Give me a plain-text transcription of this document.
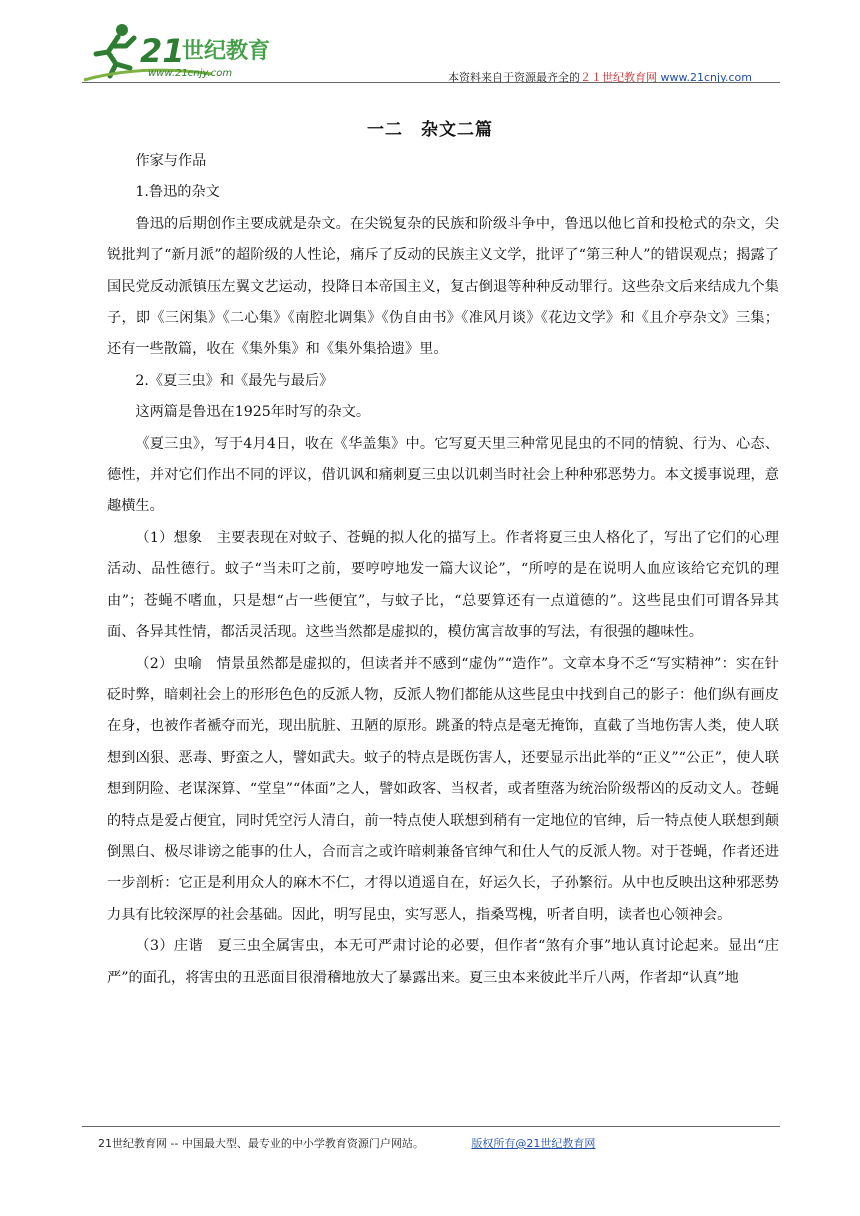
21
世纪教育
www.21cnjy.com	本资料来自于资源最齐全的２１世纪教育网 www.21cnjy.com
一二　杂文二篇

作家与作品

1.鲁迅的杂文

鲁迅的后期创作主要成就是杂文。在尖锐复杂的民族和阶级斗争中，鲁迅以他匕首和投枪式的杂文，尖锐批判了“新月派”的超阶级的人性论，痛斥了反动的民族主义文学，批评了“第三种人”的错误观点；揭露了国民党反动派镇压左翼文艺运动，投降日本帝国主义，复古倒退等种种反动罪行。这些杂文后来结成九个集子，即《三闲集》《二心集》《南腔北调集》《伪自由书》《准风月谈》《花边文学》和《且介亭杂文》三集；还有一些散篇，收在《集外集》和《集外集拾遗》里。

2.《夏三虫》和《最先与最后》

这两篇是鲁迅在1925年时写的杂文。

《夏三虫》，写于4月4日，收在《华盖集》中。它写夏天里三种常见昆虫的不同的情貌、行为、心态、德性，并对它们作出不同的评议，借讥讽和痛刺夏三虫以讥刺当时社会上种种邪恶势力。本文援事说理，意趣横生。

（1）想象　主要表现在对蚊子、苍蝇的拟人化的描写上。作者将夏三虫人格化了，写出了它们的心理活动、品性德行。蚊子“当未叮之前，要哼哼地发一篇大议论”，“所哼的是在说明人血应该给它充饥的理由”；苍蝇不嗜血，只是想“占一些便宜”，与蚊子比，“总要算还有一点道德的”。这些昆虫们可谓各异其面、各异其性情，都活灵活现。这些当然都是虚拟的，模仿寓言故事的写法，有很强的趣味性。

（2）虫喻　情景虽然都是虚拟的，但读者并不感到“虚伪”“造作”。文章本身不乏“写实精神”：实在针砭时弊，暗刺社会上的形形色色的反派人物，反派人物们都能从这些昆虫中找到自己的影子：他们纵有画皮在身，也被作者褫夺而光，现出肮脏、丑陋的原形。跳蚤的特点是毫无掩饰，直截了当地伤害人类，使人联想到凶狠、恶毒、野蛮之人，譬如武夫。蚊子的特点是既伤害人，还要显示出此举的“正义”“公正”，使人联想到阴险、老谋深算、“堂皇”“体面”之人，譬如政客、当权者，或者堕落为统治阶级帮凶的反动文人。苍蝇的特点是爱占便宜，同时凭空污人清白，前一特点使人联想到稍有一定地位的官绅，后一特点使人联想到颠倒黑白、极尽诽谤之能事的仕人，合而言之或许暗刺兼备官绅气和仕人气的反派人物。对于苍蝇，作者还进一步剖析：它正是利用众人的麻木不仁，才得以逍遥自在，好运久长，子孙繁衍。从中也反映出这种邪恶势力具有比较深厚的社会基础。因此，明写昆虫，实写恶人，指桑骂槐，听者自明，读者也心领神会。

（3）庄谐　夏三虫全属害虫，本无可严肃讨论的必要，但作者“煞有介事”地认真讨论起来。显出“庄严”的面孔，将害虫的丑恶面目很滑稽地放大了暴露出来。夏三虫本来彼此半斤八两，作者却“认真”地

21世纪教育网 -- 中国最大型、最专业的中小学教育资源门户网站。	版权所有@21世纪教育网
